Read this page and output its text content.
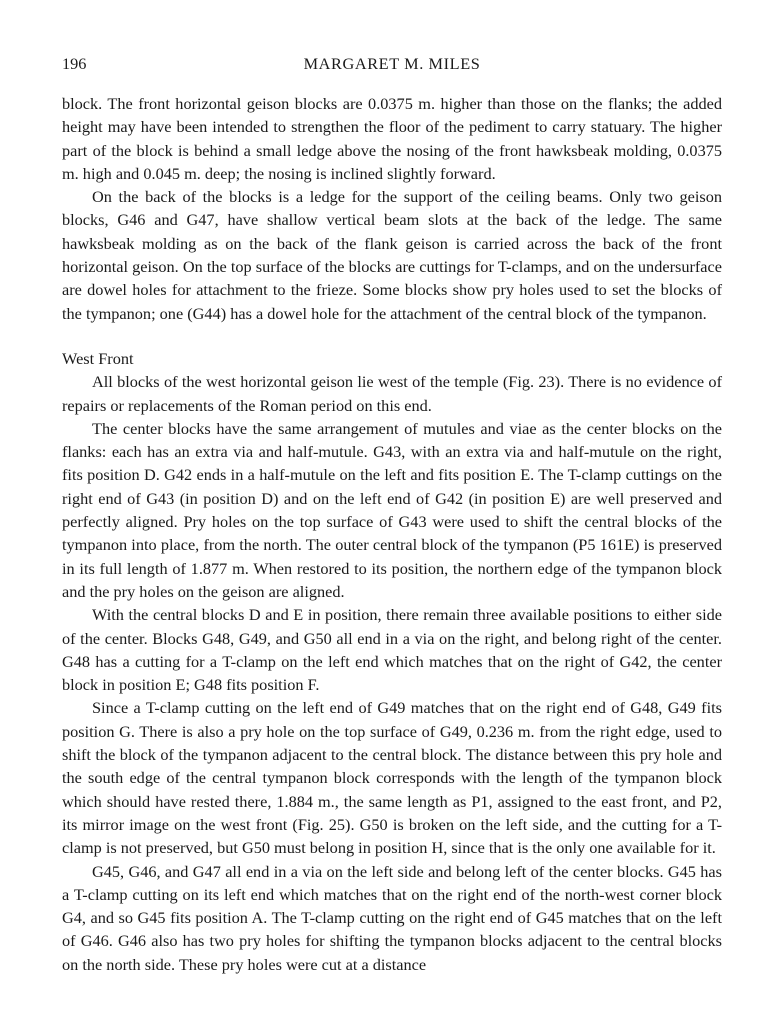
196	MARGARET M. MILES

block. The front horizontal geison blocks are 0.0375 m. higher than those on the flanks; the added height may have been intended to strengthen the floor of the pediment to carry statuary. The higher part of the block is behind a small ledge above the nosing of the front hawksbeak molding, 0.0375 m. high and 0.045 m. deep; the nosing is inclined slightly forward.

On the back of the blocks is a ledge for the support of the ceiling beams. Only two geison blocks, G46 and G47, have shallow vertical beam slots at the back of the ledge. The same hawksbeak molding as on the back of the flank geison is carried across the back of the front horizontal geison. On the top surface of the blocks are cuttings for T-clamps, and on the undersurface are dowel holes for attachment to the frieze. Some blocks show pry holes used to set the blocks of the tympanon; one (G44) has a dowel hole for the attachment of the central block of the tympanon.

West Front

All blocks of the west horizontal geison lie west of the temple (Fig. 23). There is no evidence of repairs or replacements of the Roman period on this end.

The center blocks have the same arrangement of mutules and viae as the center blocks on the flanks: each has an extra via and half-mutule. G43, with an extra via and half-mutule on the right, fits position D. G42 ends in a half-mutule on the left and fits position E. The T-clamp cuttings on the right end of G43 (in position D) and on the left end of G42 (in position E) are well preserved and perfectly aligned. Pry holes on the top surface of G43 were used to shift the central blocks of the tympanon into place, from the north. The outer central block of the tympanon (P5 161E) is preserved in its full length of 1.877 m. When restored to its position, the northern edge of the tympanon block and the pry holes on the geison are aligned.

With the central blocks D and E in position, there remain three available positions to either side of the center. Blocks G48, G49, and G50 all end in a via on the right, and belong right of the center. G48 has a cutting for a T-clamp on the left end which matches that on the right of G42, the center block in position E; G48 fits position F.

Since a T-clamp cutting on the left end of G49 matches that on the right end of G48, G49 fits position G. There is also a pry hole on the top surface of G49, 0.236 m. from the right edge, used to shift the block of the tympanon adjacent to the central block. The distance between this pry hole and the south edge of the central tympanon block corresponds with the length of the tympanon block which should have rested there, 1.884 m., the same length as P1, assigned to the east front, and P2, its mirror image on the west front (Fig. 25). G50 is broken on the left side, and the cutting for a T-clamp is not preserved, but G50 must belong in position H, since that is the only one available for it.

G45, G46, and G47 all end in a via on the left side and belong left of the center blocks. G45 has a T-clamp cutting on its left end which matches that on the right end of the north-west corner block G4, and so G45 fits position A. The T-clamp cutting on the right end of G45 matches that on the left of G46. G46 also has two pry holes for shifting the tympanon blocks adjacent to the central blocks on the north side. These pry holes were cut at a distance
